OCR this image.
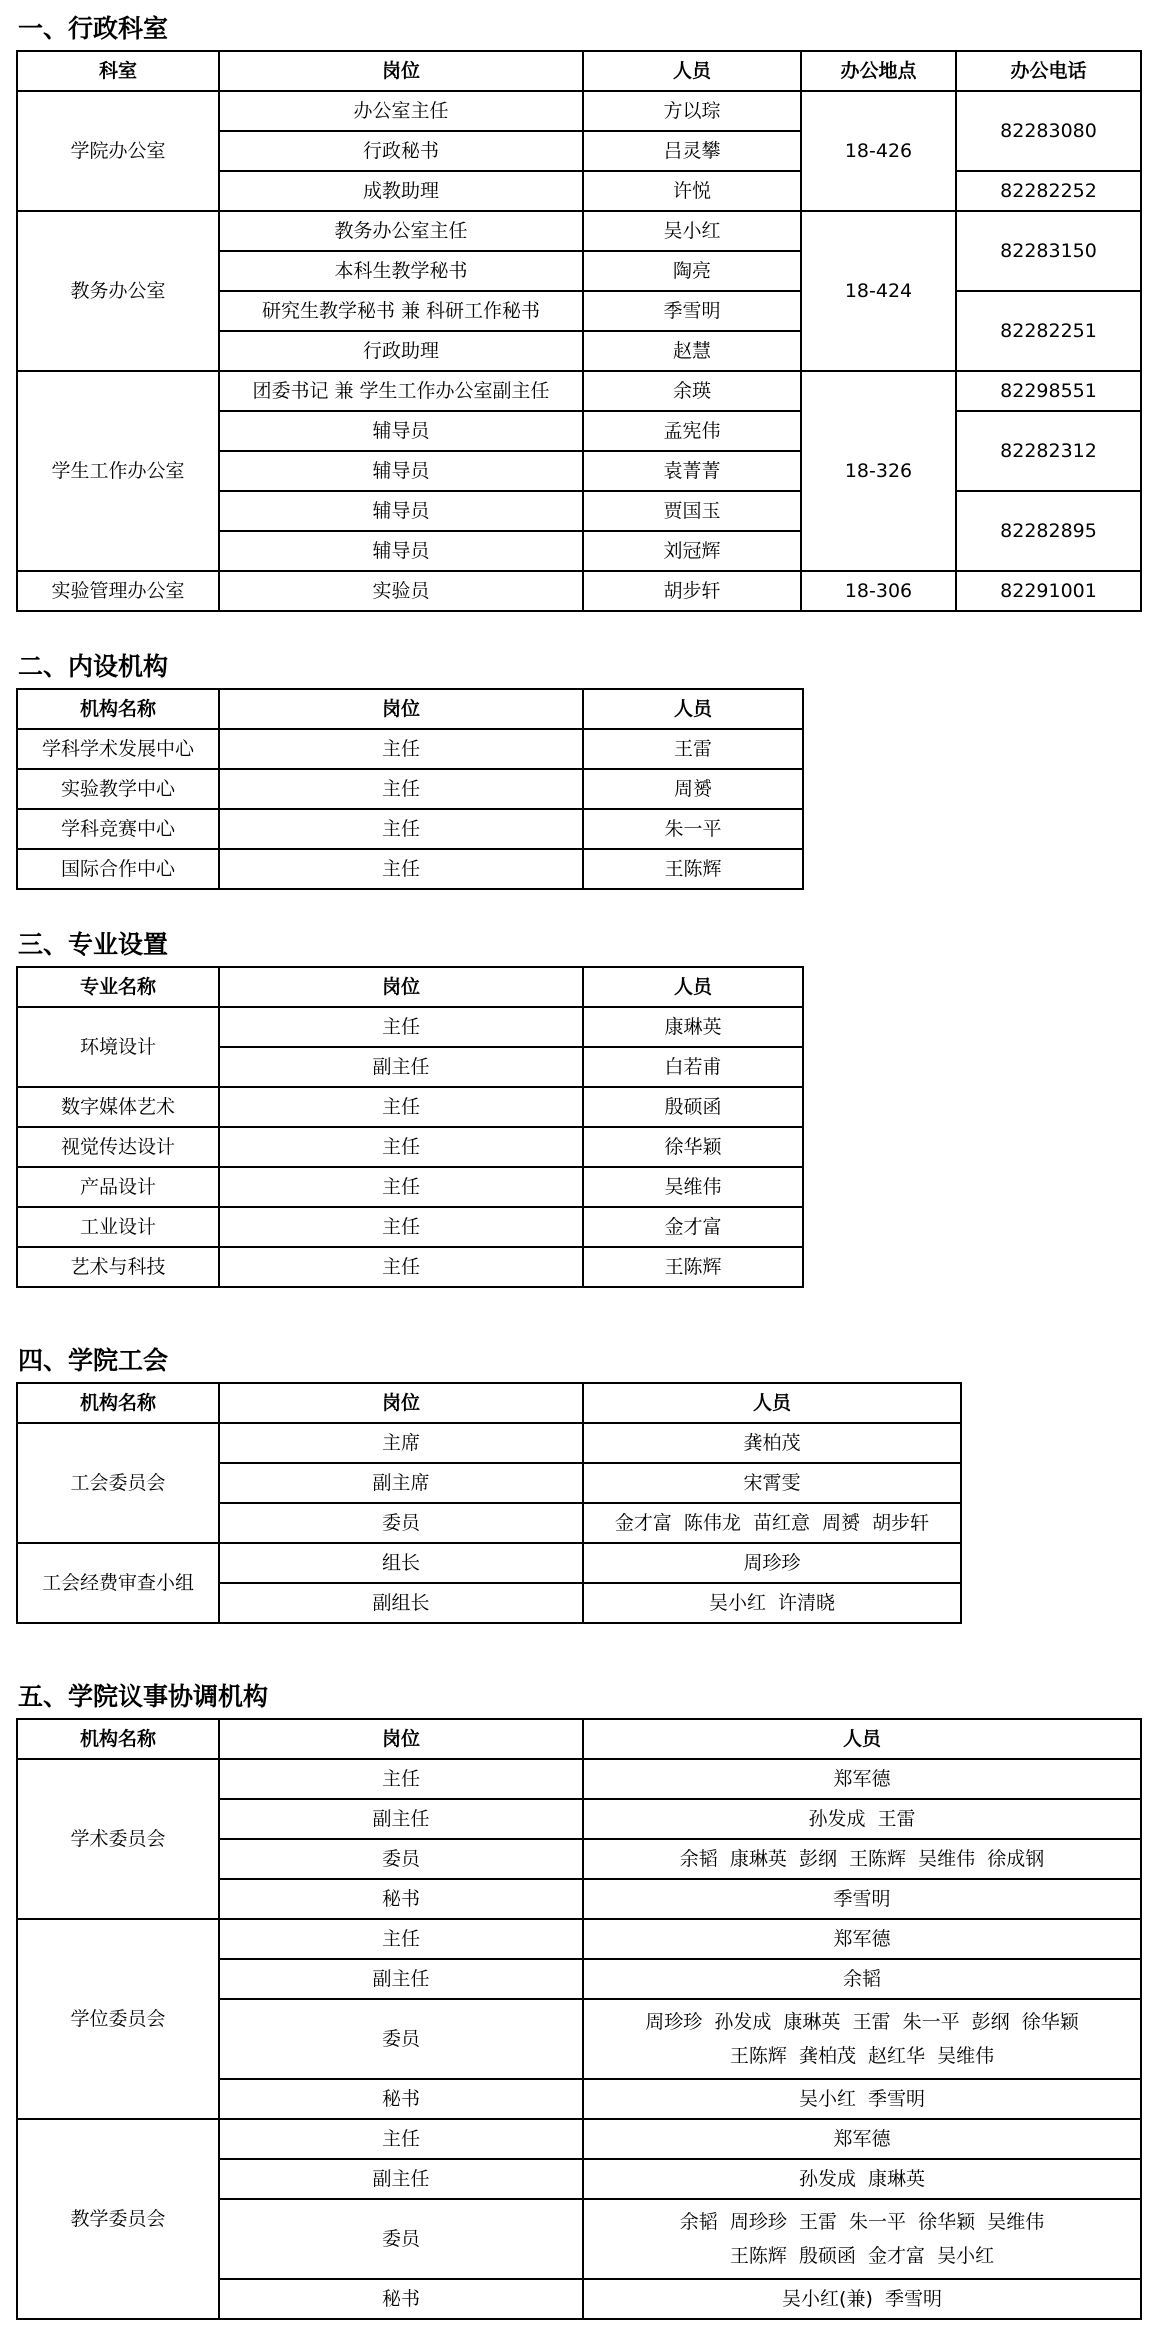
一、行政科室
科室	岗位	人员	办公地点	办公电话
学院办公室	办公室主任	方以琮	18-426	82283080
	行政秘书	吕灵攀		
	成教助理	许悦		82282252
教务办公室	教务办公室主任	吴小红	18-424	82283150
	本科生教学秘书	陶亮		
	研究生教学秘书 兼 科研工作秘书	季雪明		82282251
	行政助理	赵慧		
学生工作办公室	团委书记 兼 学生工作办公室副主任	余瑛	18-326	82298551
	辅导员	孟宪伟		82282312
	辅导员	袁菁菁		
	辅导员	贾国玉		82282895
	辅导员	刘冠辉		
实验管理办公室	实验员	胡步轩	18-306	82291001
二、内设机构
机构名称	岗位	人员
学科学术发展中心	主任	王雷
实验教学中心	主任	周赟
学科竞赛中心	主任	朱一平
国际合作中心	主任	王陈辉
三、专业设置
专业名称	岗位	人员
环境设计	主任	康琳英
	副主任	白若甫
数字媒体艺术	主任	殷硕函
视觉传达设计	主任	徐华颖
产品设计	主任	吴维伟
工业设计	主任	金才富
艺术与科技	主任	王陈辉
四、学院工会
机构名称	岗位	人员
工会委员会	主席	龚柏茂
	副主席	宋霄雯
	委员	金才富  陈伟龙  苗红意  周赟  胡步轩
工会经费审查小组	组长	周珍珍
	副组长	吴小红  许清晓
五、学院议事协调机构
机构名称	岗位	人员
学术委员会	主任	郑军德
	副主任	孙发成  王雷
	委员	余韬  康琳英  彭纲  王陈辉  吴维伟  徐成钢
	秘书	季雪明
学位委员会	主任	郑军德
	副主任	余韬
	委员	周珍珍  孙发成  康琳英  王雷  朱一平  彭纲  徐华颖
王陈辉  龚柏茂  赵红华  吴维伟

	秘书	吴小红  季雪明
教学委员会	主任	郑军德
	副主任	孙发成  康琳英
	委员	余韬  周珍珍  王雷  朱一平  徐华颖  吴维伟
王陈辉  殷硕函  金才富  吴小红

	秘书	吴小红(兼)  季雪明
